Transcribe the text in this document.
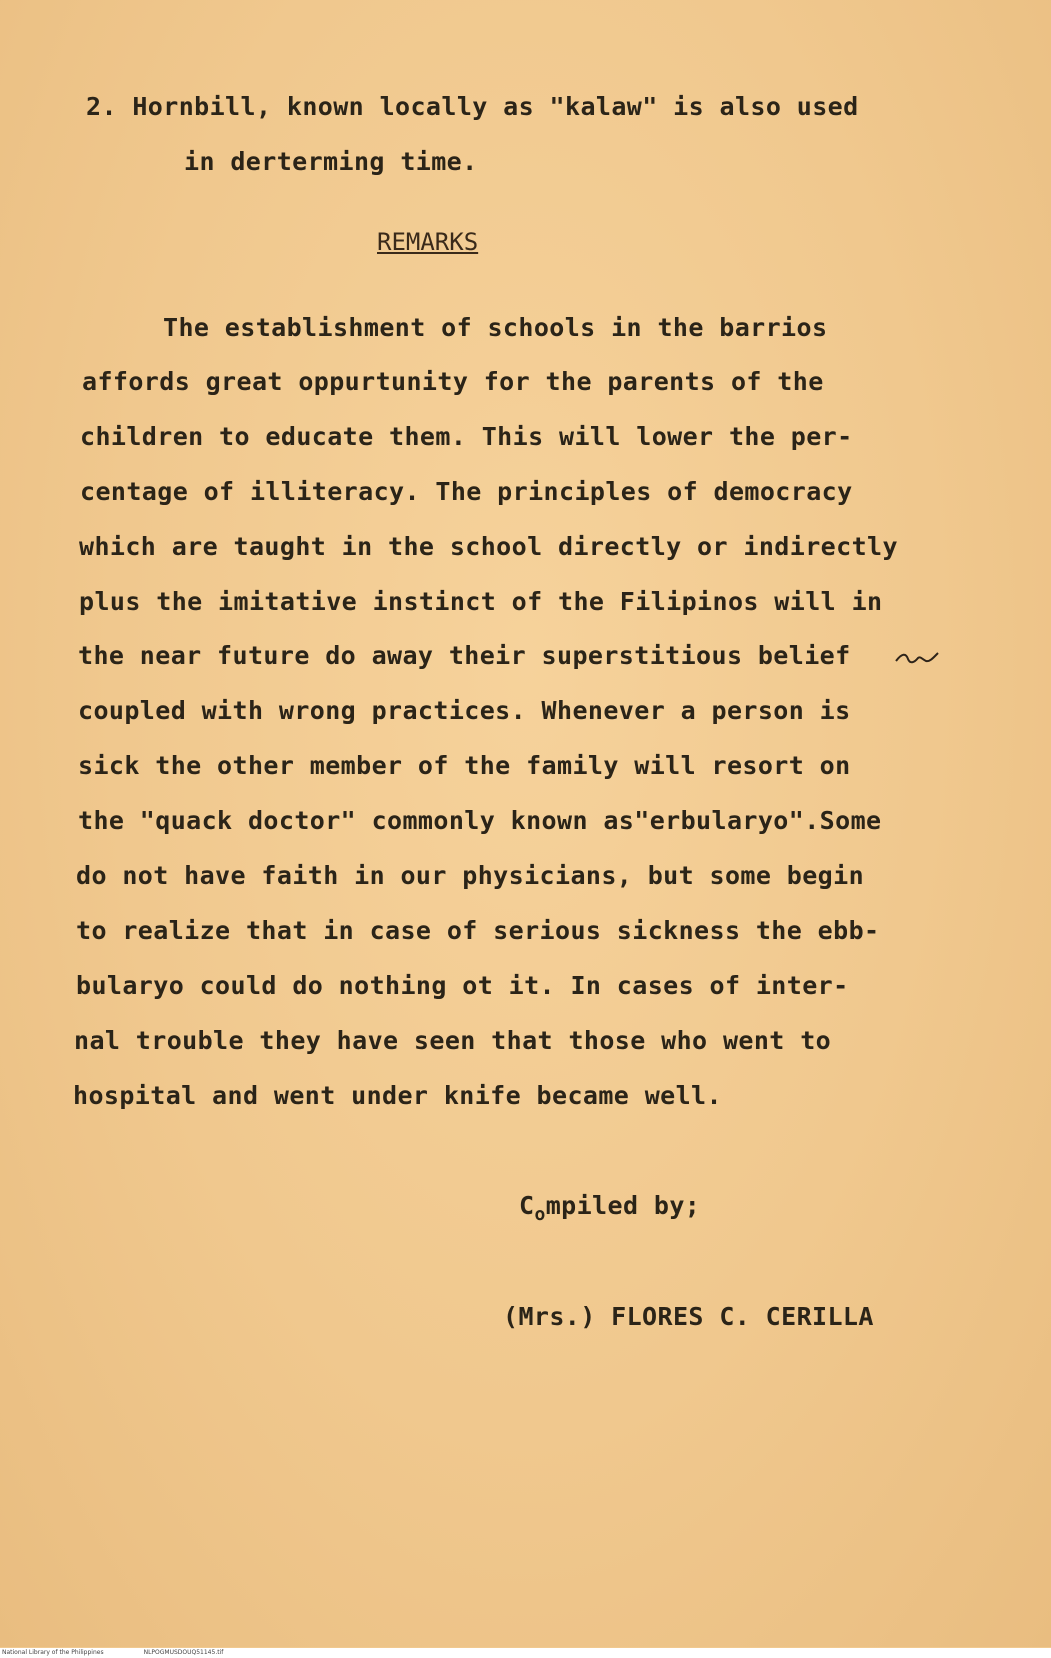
2. Hornbill, known locally as "kalaw" is also used
in derterming time.
REMARKS
The establishment of schools in the barrios
affords great oppurtunity for the parents of the
children to educate them. This will lower the per-
centage of illiteracy. The principles of democracy
which are taught in the school directly or indirectly
plus the imitative instinct of the Filipinos will in
the near future do away their superstitious belief
coupled with wrong practices. Whenever a person is
sick the other member of the family will resort on
the "quack doctor" commonly known as"erbularyo".Some
do not have faith in our physicians, but some begin
to realize that in case of serious sickness the ebb-
bularyo could do nothing ot it. In cases of inter-
nal trouble they have seen that those who went to
hospital and went under knife became well.
$C_ompiled$ by;
(Mrs.) FLORES C. CERILLA
National Library of the Philippines	NLPOGMUSDOUQ51145.tif
